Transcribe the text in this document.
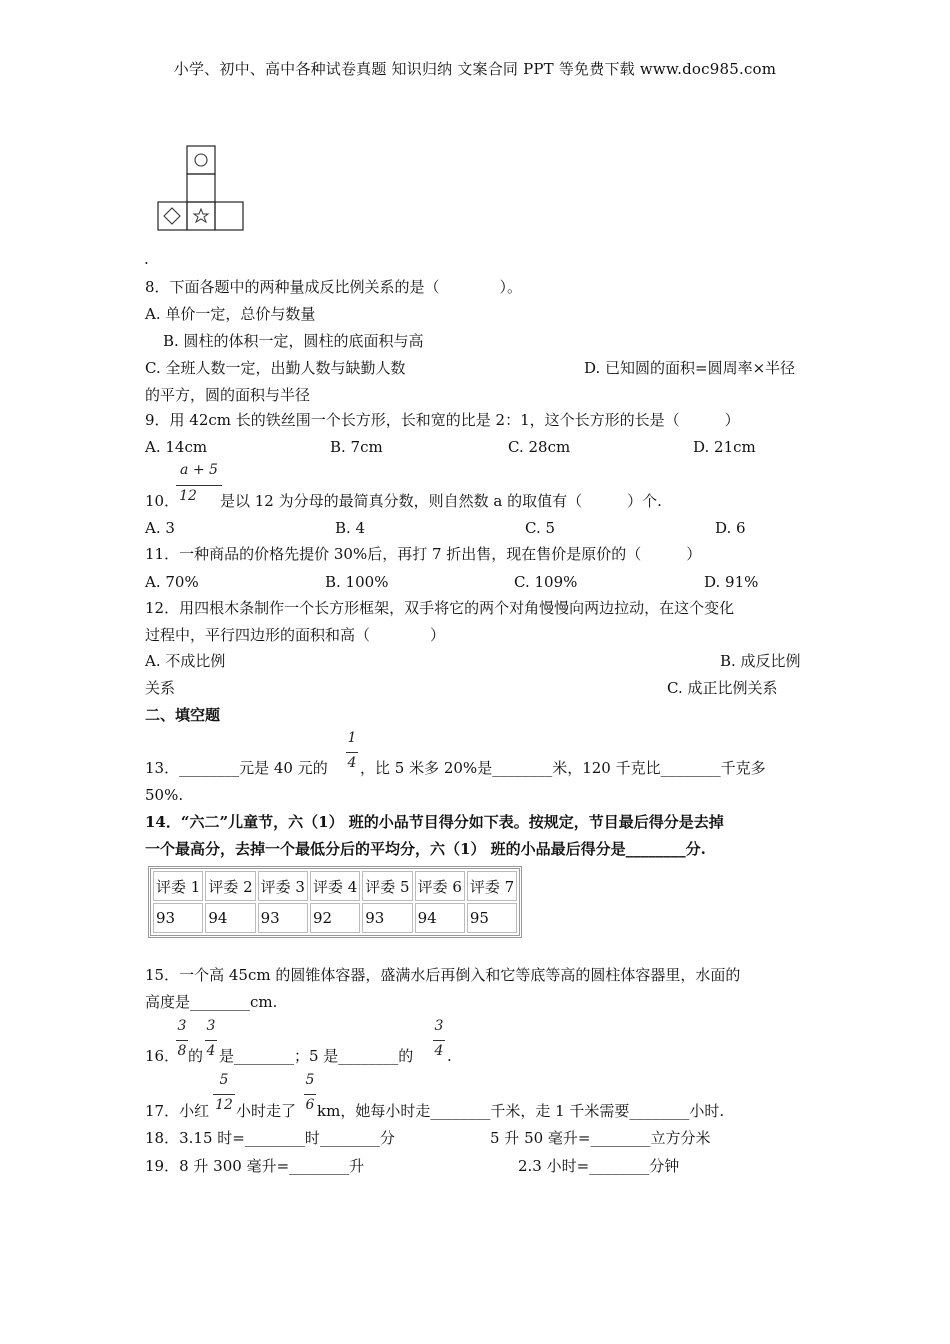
小学、初中、高中各种试卷真题 知识归纳 文案合同 PPT 等免费下载 www.doc985.com
.
8．下面各题中的两种量成反比例关系的是（　　　　）。
A. 单价一定，总价与数量
B. 圆柱的体积一定，圆柱的底面积与高
C. 全班人数一定，出勤人数与缺勤人数	D. 已知圆的面积=圆周率×半径
的平方，圆的面积与半径
9．用 42cm 长的铁丝围一个长方形，长和宽的比是 2：1，这个长方形的长是（　　　）
A. 14cm	B. 7cm	C. 28cm	D. 21cm
a + 5
12
10．	是以 12 为分母的最简真分数，则自然数 a 的取值有（　　　）个.
A. 3	B. 4	C. 5	D. 6
11．一种商品的价格先提价 30%后，再打 7 折出售，现在售价是原价的（　　　）
A. 70%	B. 100%	C. 109%	D. 91%
12．用四根木条制作一个长方形框架，双手将它的两个对角慢慢向两边拉动，在这个变化
过程中，平行四边形的面积和高（　　　　）
A. 不成比例	B. 成反比例
关系	C. 成正比例关系
二、填空题
1
4
13．________元是 40 元的 ，比 5 米多 20%是________米，120 千克比________千克多
50%.
14．“六二”儿童节，六（1） 班的小品节目得分如下表。按规定，节目最后得分是去掉
一个最高分，去掉一个最低分后的平均分，六（1） 班的小品最后得分是________分.
评委 1	评委 2	评委 3	评委 4	评委 5	评委 6	评委 7
93	94	93	92	93	94	95
15．一个高 45cm 的圆锥体容器，盛满水后再倒入和它等底等高的圆柱体容器里，水面的
高度是________cm.
3
8
3
4
3
4
16． 的 是________；5 是________的 .
5
12
5
6
17．小红 小时走了 km，她每小时走________千米，走 1 千米需要________小时.
18．3.15 时=________时________分	5 升 50 毫升=________立方分米
19．8 升 300 毫升=________升	2.3 小时=________分钟
